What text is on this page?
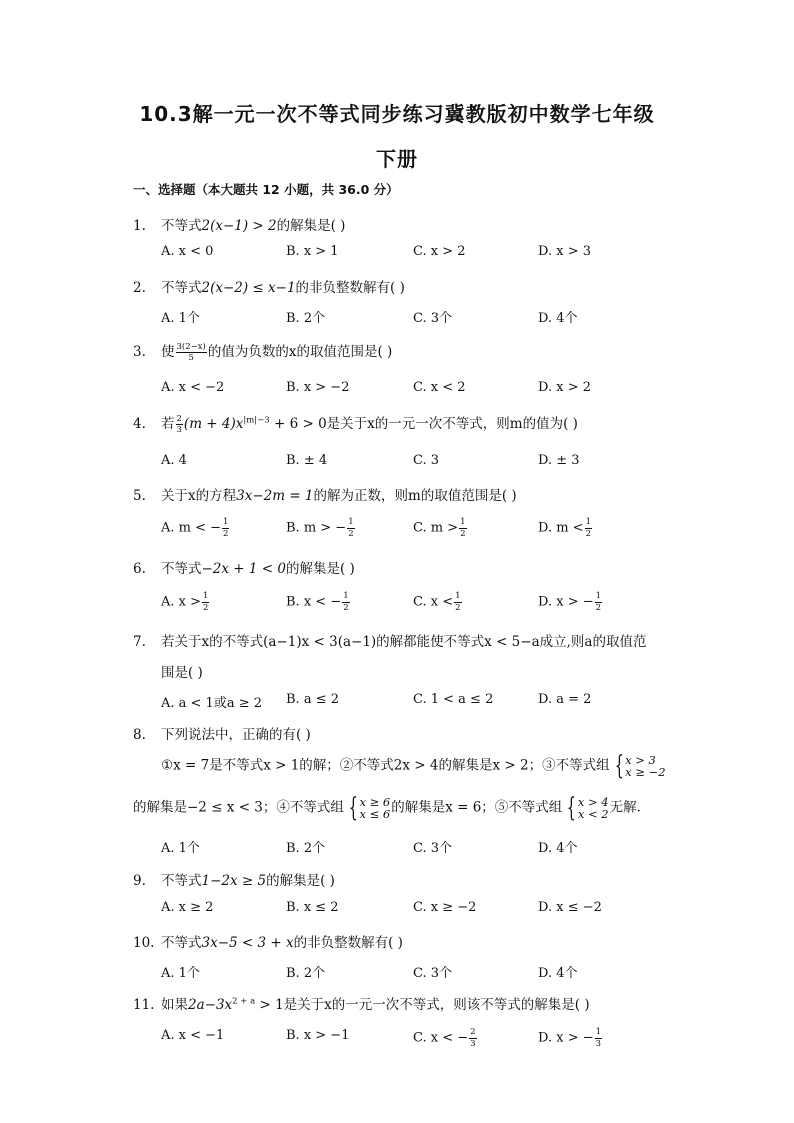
10.3解一元一次不等式同步练习冀教版初中数学七年级
下册
一、选择题（本大题共 12 小题，共 36.0 分）
1. 不等式2(x−1) > 2的解集是( )
A. x < 0	B. x > 1	C. x > 2	D. x > 3
2. 不等式2(x−2) ≤ x−1的非负整数解有( )
A. 1个	B. 2个	C. 3个	D. 4个
3. 使 $\frac{3(2-x)}{5}$ 的值为负数的x的取值范围是( )
A. x < −2	B. x > −2	C. x < 2	D. x > 2
4. 若 $\frac{2}{3} (m + 4)x^{|m|-3} + 6 > 0$是关于x的一元一次不等式，则m的值为( )
A. 4	B. ± 4	C. 3	D. ± 3
5. 关于x的方程3x−2m = 1的解为正数，则m的取值范围是( )
A. m < − $\frac{1}{2}$	B. m > − $\frac{1}{2}$	C. $m > \frac{1}{2}$	D. $m < \frac{1}{2}$
6. 不等式−2x + 1 < 0的解集是( )
A. $x > \frac{1}{2}$	B. x < − $\frac{1}{2}$	C. $x < \frac{1}{2}$	D. x > − $\frac{1}{2}$
7. 若关于x的不等式(a−1)x < 3(a−1)的解都能使不等式x < 5−a成立,则a的取值范
围是( )
A. a < 1或a ≥ 2 B. a ≤ 2	C. 1 < a ≤ 2	D. a = 2
8. 下列说法中，正确的有( )
①x = 7是不等式x > 1的解；②不等式2x > 4的解集是x > 2；③不等式组 { x > 3
x ≥ −2
的解集是−2 ≤ x < 3；④不等式组 { x ≥ 6
x ≤ 6 的解集是x = 6；⑤不等式组 { x > 4
x < 2 无解．
A. 1个	B. 2个	C. 3个	D. 4个
9. 不等式1−2x ≥ 5的解集是( )
A. x ≥ 2	B. x ≤ 2	C. x ≥ −2	D. x ≤ −2
10. 不等式3x−5 < 3 + x的非负整数解有( )
A. 1个	B. 2个	C. 3个	D. 4个
11. 如果$2a-3x^{2 + a} > 1$是关于x的一元一次不等式，则该不等式的解集是( )
A. x < −1	B. x > −1	C. x < − $\frac{2}{3}$	D. x > − $\frac{1}{3}$
